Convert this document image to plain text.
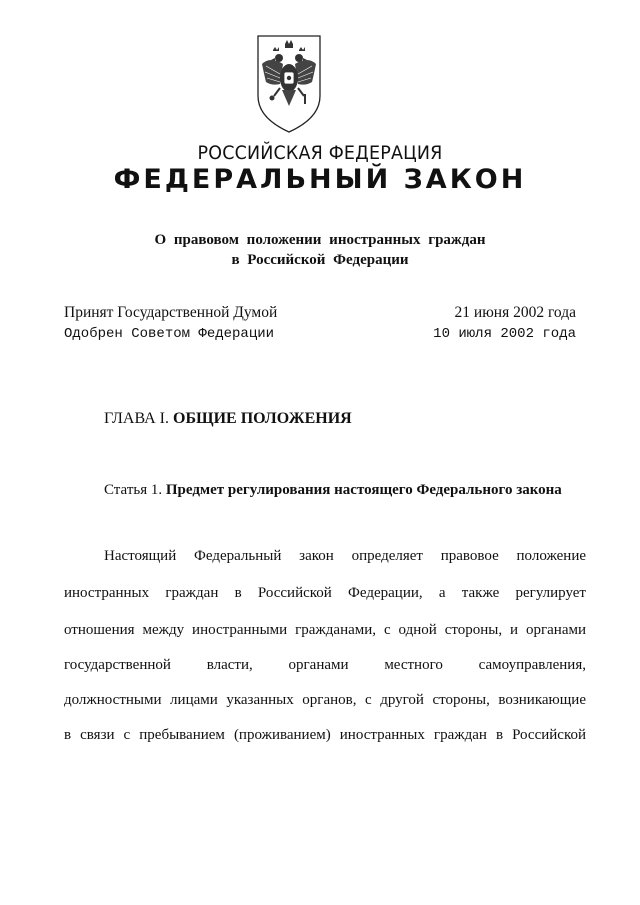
РОССИЙСКАЯ ФЕДЕРАЦИЯ
ФЕДЕРАЛЬНЫЙ ЗАКОН
О правовом положении иностранных граждан
в Российской Федерации
Принят Государственной Думой	21 июня 2002 года
Одобрен Советом Федерации	10 июля 2002 года
ГЛАВА I. ОБЩИЕ ПОЛОЖЕНИЯ
Статья 1. Предмет регулирования настоящего Федерального закона
Настоящий Федеральный закон определяет правовое положение
иностранных граждан в Российской Федерации, а также регулирует
отношения между иностранными гражданами, с одной стороны, и органами
государственной власти, органами местного самоуправления,
должностными лицами указанных органов, с другой стороны, возникающие
в связи с пребыванием (проживанием) иностранных граждан в Российской
